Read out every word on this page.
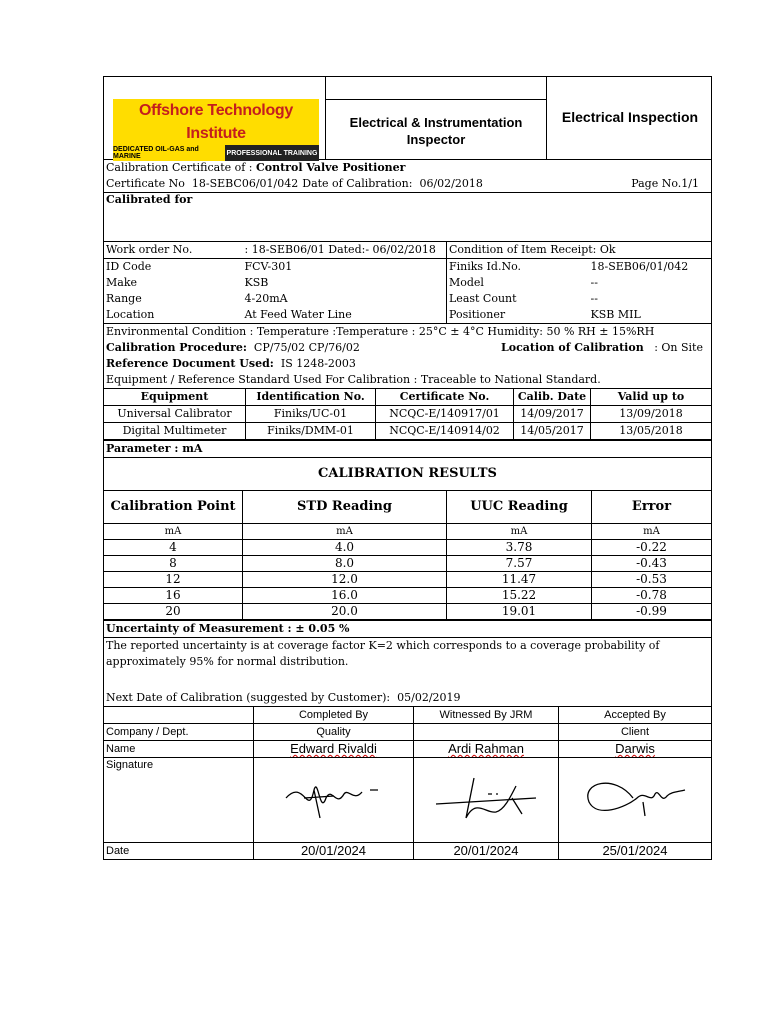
Offshore Technology Institute
DEDICATED OIL-GAS and MARINE	PROFESSIONAL TRAINING
Electrical & Instrumentation
Inspector
Electrical Inspection
Calibration Certificate of : Control Valve Positioner
Certificate No 18-SEBC06/01/042	Date of Calibration: 06/02/2018	Page No.1/1
Calibrated for
Work order No.	: 18-SEB06/01 Dated:- 06/02/2018	Condition of Item Receipt: Ok	
ID Code	FCV-301	Finiks Id.No.	18-SEB06/01/042
Make	KSB	Model	--
Range	4-20mA	Least Count	--
Location	At Feed Water Line	Positioner	KSB MIL
Environmental Condition : Temperature :Temperature : 25°C ± 4°C Humidity: 50 % RH ± 15%RH
Calibration Procedure: CP/75/02 CP/76/02	Location of Calibration : On Site
Reference Document Used: IS 1248-2003
Equipment / Reference Standard Used For Calibration : Traceable to National Standard.
Equipment	Identification No.	Certificate No.	Calib. Date	Valid up to
Universal Calibrator	Finiks/UC-01	NCQC-E/140917/01	14/09/2017	13/09/2018
Digital Multimeter	Finiks/DMM-01	NCQC-E/140914/02	14/05/2017	13/05/2018
Parameter : mA
CALIBRATION RESULTS
Calibration Point	STD Reading	UUC Reading	Error
mA	mA	mA	mA
4	4.0	3.78	-0.22
8	8.0	7.57	-0.43
12	12.0	11.47	-0.53
16	16.0	15.22	-0.78
20	20.0	19.01	-0.99
Uncertainty of Measurement : ± 0.05 %
The reported uncertainty is at coverage factor K=2 which corresponds to a coverage probability of
approximately 95% for normal distribution.

Next Date of Calibration (suggested by Customer): 05/02/2019
	Completed By	Witnessed By JRM	Accepted By
Company / Dept.	Quality		Client
Name	Edward Rivaldi	Ardi Rahman	Darwis
Signature			
Date	20/01/2024	20/01/2024	25/01/2024
